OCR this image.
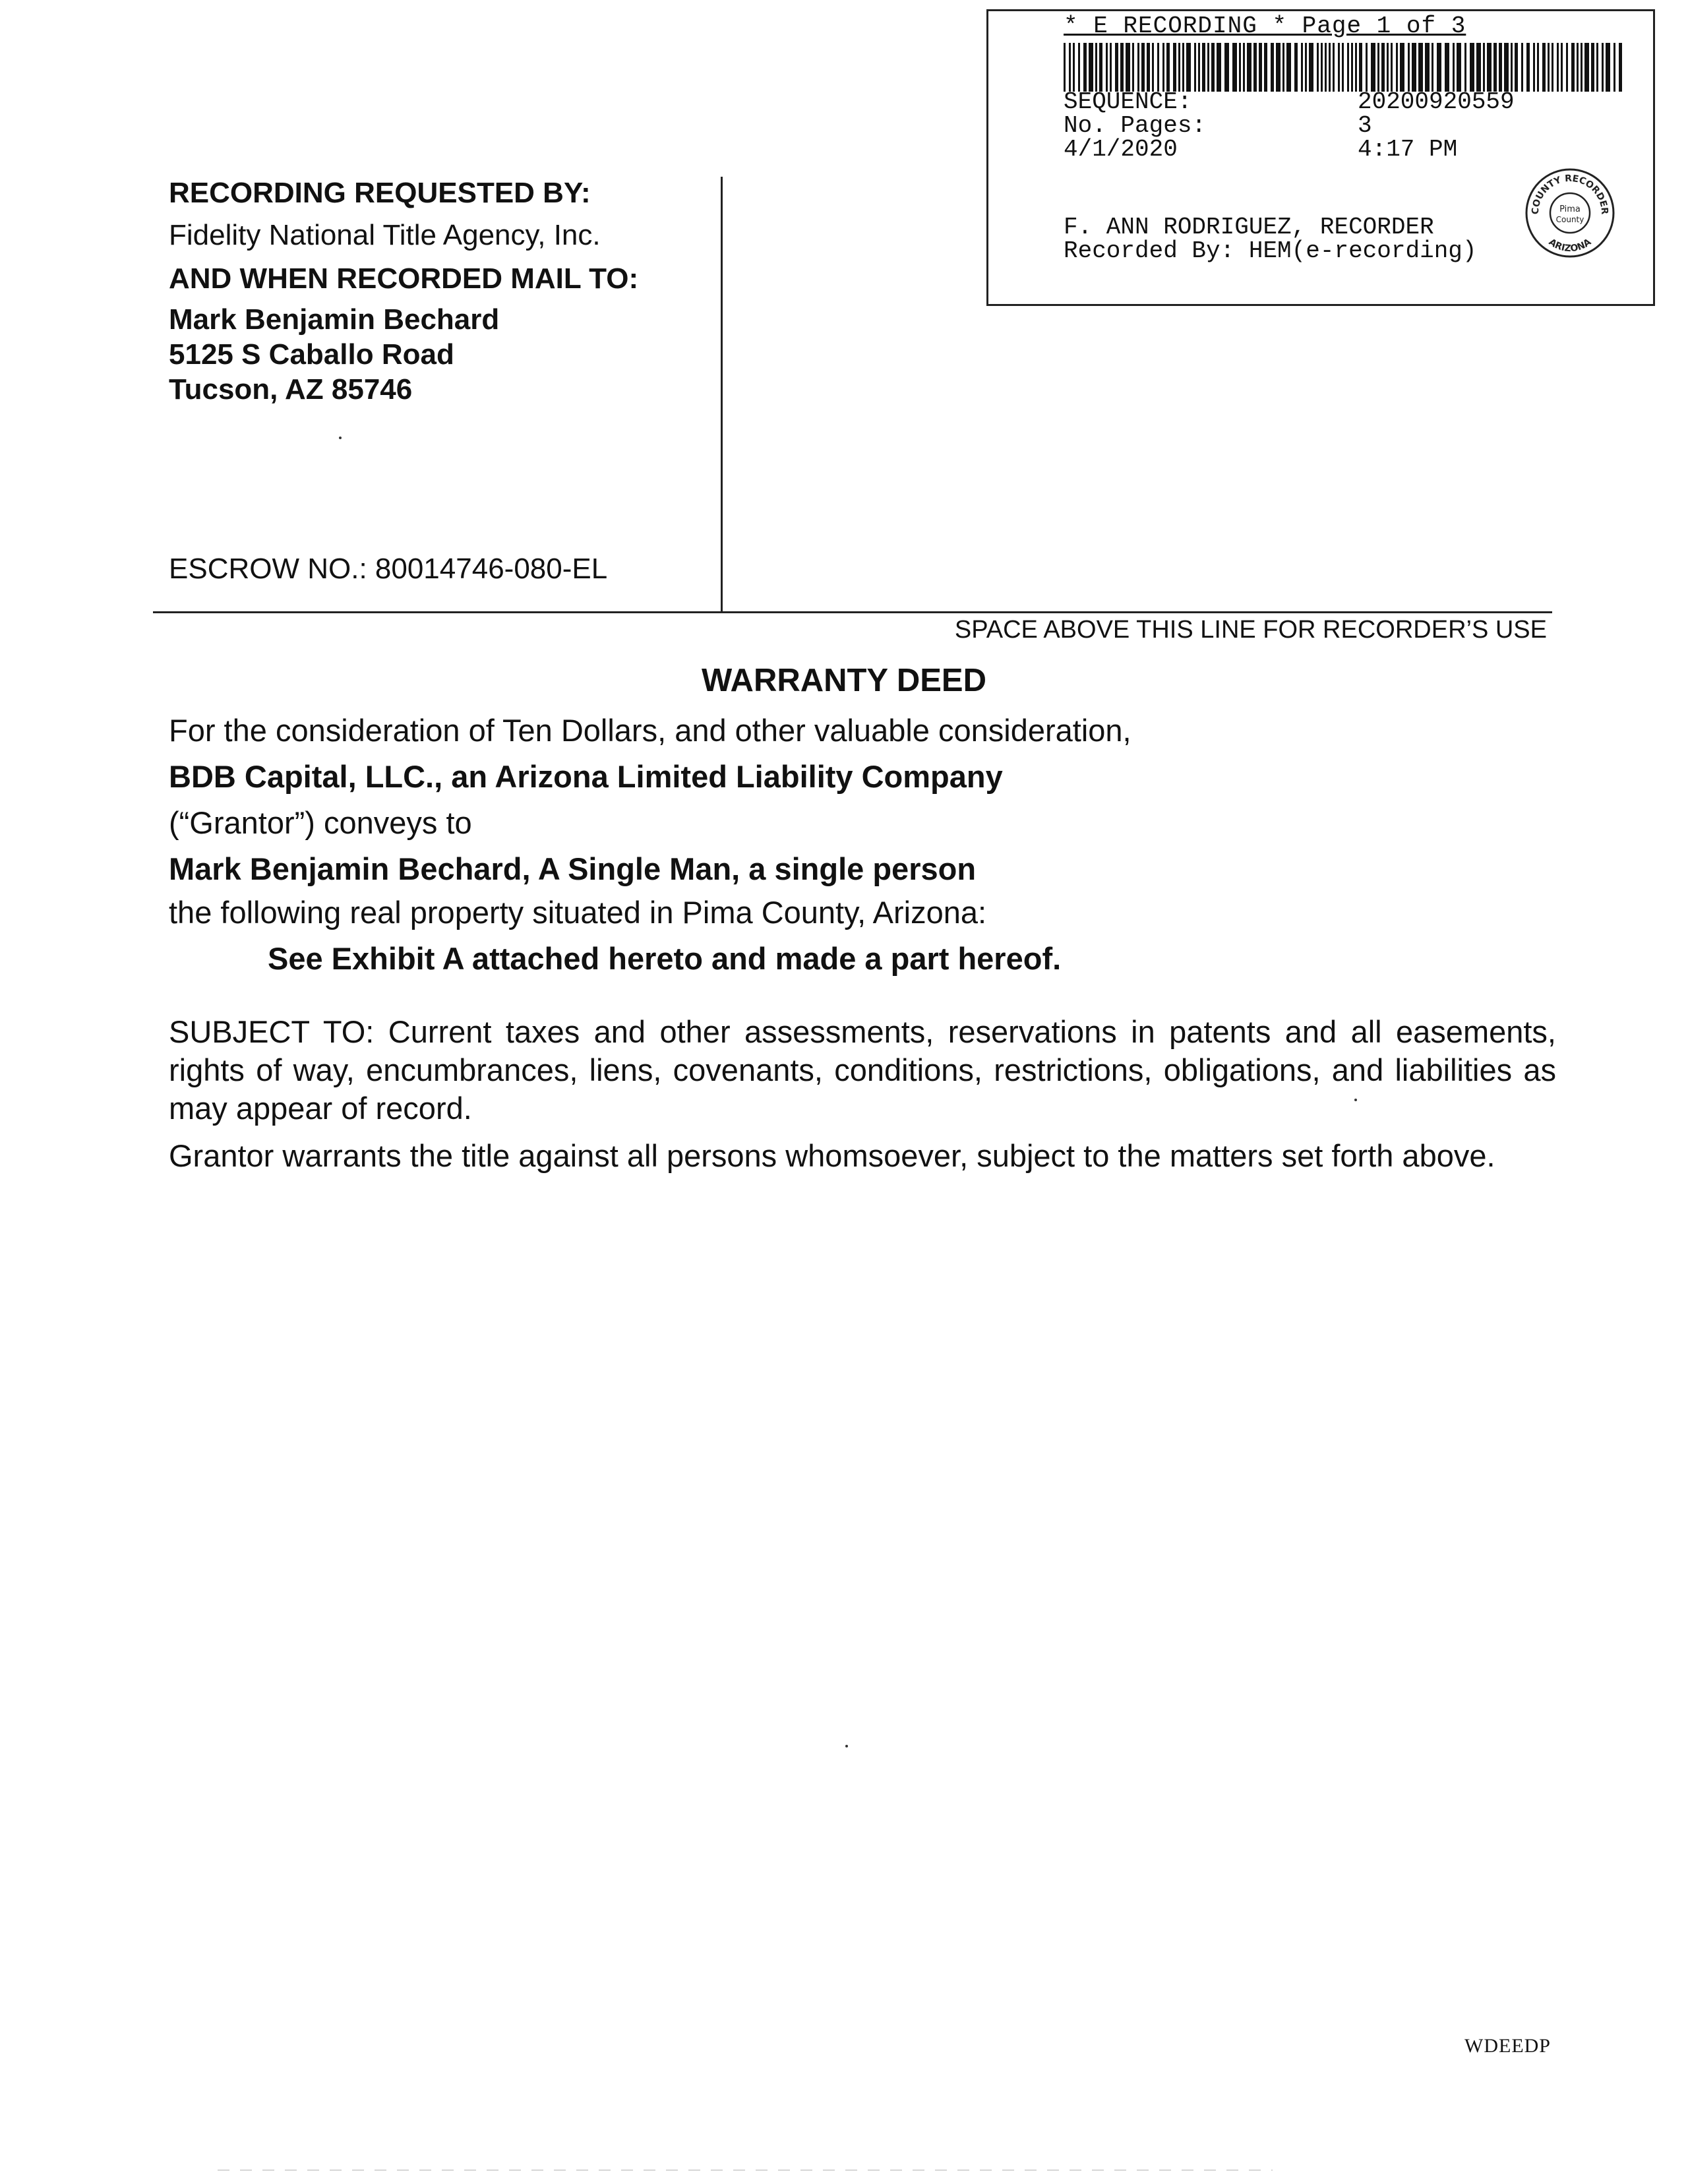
* E RECORDING * Page 1 of 3
SEQUENCE:	20200920559
No. Pages:	3
4/1/2020	4:17 PM
F. ANN RODRIGUEZ, RECORDER
Recorded By: HEM(e-recording)
COUNTY RECORDER
ARIZONA
Pima
County
RECORDING REQUESTED BY:
Fidelity National Title Agency, Inc.
AND WHEN RECORDED MAIL TO:
Mark Benjamin Bechard
5125 S Caballo Road
Tucson, AZ 85746
ESCROW NO.: 80014746-080-EL
SPACE ABOVE THIS LINE FOR RECORDER’S USE
WARRANTY DEED
For the consideration of Ten Dollars, and other valuable consideration,
BDB Capital, LLC., an Arizona Limited Liability Company
(“Grantor”) conveys to
Mark Benjamin Bechard, A Single Man, a single person
the following real property situated in Pima County, Arizona:
See Exhibit A attached hereto and made a part hereof.
SUBJECT TO: Current taxes and other assessments, reservations in patents and all easements, rights of way, encumbrances, liens, covenants, conditions, restrictions, obligations, and liabilities as may appear of record.
Grantor warrants the title against all persons whomsoever, subject to the matters set forth above.
WDEEDP
